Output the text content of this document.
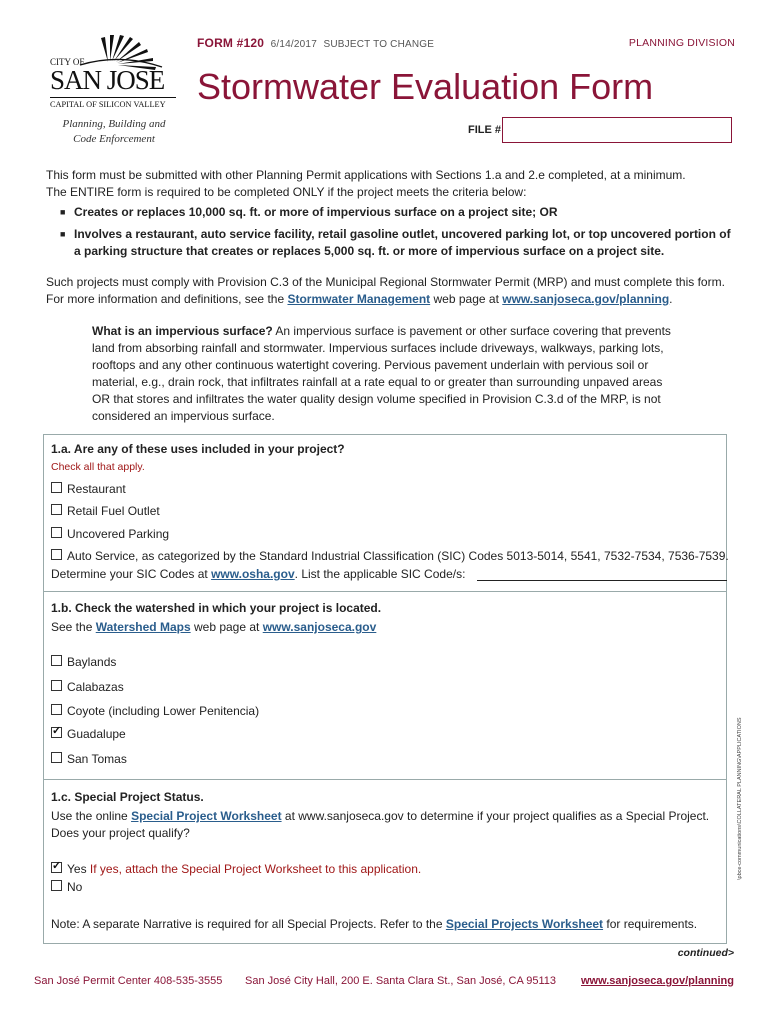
CITY OF
SAN JOSE
CAPITAL OF SILICON VALLEY
FORM #120 6/14/2017 SUBJECT TO CHANGE	PLANNING DIVISION
Stormwater Evaluation Form
Planning, Building and Code Enforcement
FILE #
This form must be submitted with other Planning Permit applications with Sections 1.a and 2.e completed, at a minimum.
The ENTIRE form is required to be completed ONLY if the project meets the criteria below:
■ Creates or replaces 10,000 sq. ft. or more of impervious surface on a project site; OR
■ Involves a restaurant, auto service facility, retail gasoline outlet, uncovered parking lot, or top uncovered portion of
a parking structure that creates or replaces 5,000 sq. ft. or more of impervious surface on a project site.
Such projects must comply with Provision C.3 of the Municipal Regional Stormwater Permit (MRP) and must complete this form.
For more information and definitions, see the Stormwater Management web page at www.sanjoseca.gov/planning.
What is an impervious surface? An impervious surface is pavement or other surface covering that prevents
land from absorbing rainfall and stormwater. Impervious surfaces include driveways, walkways, parking lots,
rooftops and any other continuous watertight covering. Pervious pavement underlain with pervious soil or
material, e.g., drain rock, that infiltrates rainfall at a rate equal to or greater than surrounding unpaved areas
OR that stores and infiltrates the water quality design volume specified in Provision C.3.d of the MRP, is not
considered an impervious surface.
1.a. Are any of these uses included in your project?
Check all that apply.
Restaurant
Retail Fuel Outlet
Uncovered Parking
Auto Service, as categorized by the Standard Industrial Classification (SIC) Codes 5013-5014, 5541, 7532-7534, 7536-7539.
Determine your SIC Codes at www.osha.gov. List the applicable SIC Code/s:
1.b. Check the watershed in which your project is located.
See the Watershed Maps web page at www.sanjoseca.gov
Baylands
Calabazas
Coyote (including Lower Penitencia)
✓Guadalupe
San Tomas
1.c. Special Project Status.
Use the online Special Project Worksheet at www.sanjoseca.gov to determine if your project qualifies as a Special Project.
Does your project qualify?
✓Yes If yes, attach the Special Project Worksheet to this application.
No
Note: A separate Narrative is required for all Special Projects. Refer to the Special Projects Worksheet for requirements.
\pbce-communications\COLLATERAL PLANNING\APPLICATIONS
continued>
San José Permit Center 408-535-3555 San José City Hall, 200 E. Santa Clara St., San José, CA 95113 www.sanjoseca.gov/planning
